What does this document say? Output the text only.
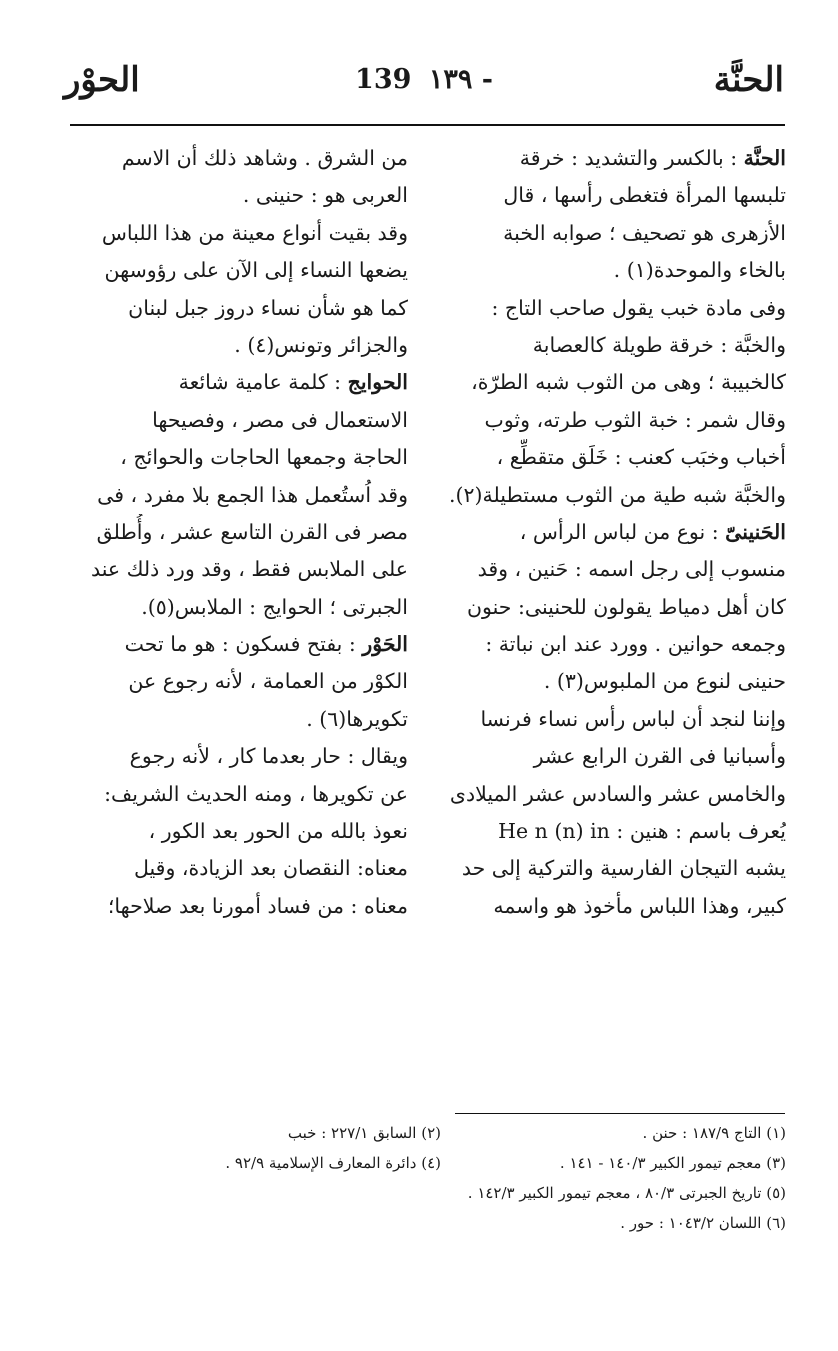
الحنَّة
139 ١٣٩ -
الحوْر
الحنَّة : بالكسر والتشديد : خرقة
تلبسها المرأة فتغطى رأسها ، قال
الأزهرى هو تصحيف ؛ صوابه الخبة
بالخاء والموحدة(١) .
وفى مادة خبب يقول صاحب التاج :
والخبَّة : خرقة طويلة كالعصابة
كالخبيبة ؛ وهى من الثوب شبه الطرّة،
وقال شمر : خبة الثوب طرته، وثوب
أخباب وخبَب كعنب : خَلَق متقطِّع ،
والخبَّة شبه طية من الثوب مستطيلة(٢).
الحَنينىّ : نوع من لباس الرأس ،
منسوب إلى رجل اسمه : حَنين ، وقد
كان أهل دمياط يقولون للحنينى: حنون
وجمعه حوانين . وورد عند ابن نباتة :
حنينى لنوع من الملبوس(٣) .
وإننا لنجد أن لباس رأس نساء فرنسا
وأسبانيا فى القرن الرابع عشر
والخامس عشر والسادس عشر الميلادى
يُعرف باسم : هنين : He n (n) in
يشبه التيجان الفارسية والتركية إلى حد
كبير، وهذا اللباس مأخوذ هو واسمه
من الشرق . وشاهد ذلك أن الاسم
العربى هو : حنينى .
وقد بقيت أنواع معينة من هذا اللباس
يضعها النساء إلى الآن على رؤوسهن
كما هو شأن نساء دروز جبل لبنان
والجزائر وتونس(٤) .
الحوايج : كلمة عامية شائعة
الاستعمال فى مصر ، وفصيحها
الحاجة وجمعها الحاجات والحوائج ،
وقد اُستُعمل هذا الجمع بلا مفرد ، فى
مصر فى القرن التاسع عشر ، وأُطلق
على الملابس فقط ، وقد ورد ذلك عند
الجبرتى ؛ الحوايج : الملابس(٥).
الحَوْر : بفتح فسكون : هو ما تحت
الكوْر من العمامة ، لأنه رجوع عن
تكويرها(٦) .
ويقال : حار بعدما كار ، لأنه رجوع
عن تكويرها ، ومنه الحديث الشريف:
نعوذ بالله من الحور بعد الكور ،
معناه: النقصان بعد الزيادة، وقيل
معناه : من فساد أمورنا بعد صلاحها؛
(١) التاج ١٨٧/٩ : حنن .
(٢) السابق ٢٢٧/١ : خبب
(٣) معجم تيمور الكبير ١٤٠/٣ - ١٤١ .
(٤) دائرة المعارف الإسلامية ٩٢/٩ .
(٥) تاريخ الجبرتى ٨٠/٣ ، معجم تيمور الكبير ١٤٢/٣ .
(٦) اللسان ١٠٤٣/٢ : حور .
